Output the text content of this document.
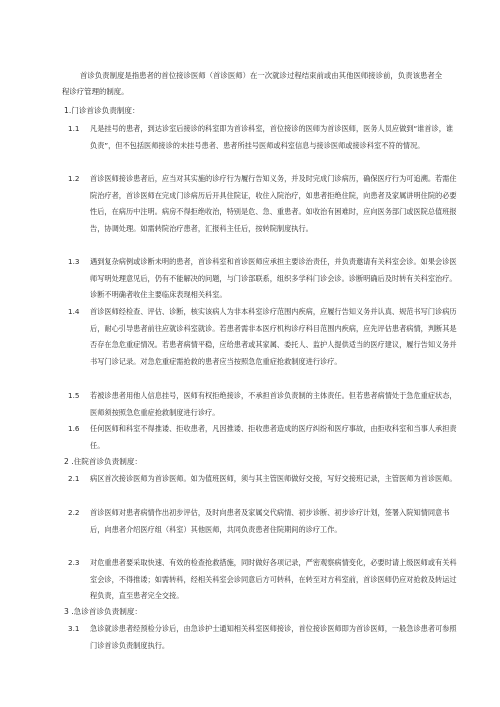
首诊负责制度是指患者的首位接诊医师（首诊医师）在一次就诊过程结束前或由其他医师接诊前，负责该患者全程诊疗管理的制度。
1.门诊首诊负责制度：
1.1	凡是挂号的患者，到达诊室后接诊的科室即为首诊科室，首位接诊的医师为首诊医师，医务人员应做到“谁首诊，谁负责”，但不包括医师接诊的未挂号患者、患者所挂号医师或科室信息与接诊医师或接诊科室不符的情况。
1.2	首诊医师接诊患者后，应当对其实施的诊疗行为履行告知义务，并及时完成门诊病历，确保医疗行为可追溯。若需住院治疗者，首诊医师在完成门诊病历后开具住院证，收住入院治疗，如患者拒绝住院，向患者及家属讲明住院的必要性后，在病历中注明。病房不得拒绝收治，特别是危、急、重患者。如收治有困难时，应向医务部门或医院总值班报告，协调处理。如需转院治疗患者，汇报科主任后，按转院制度执行。
1.3	遇到复杂病例或诊断未明的患者，首诊科室和首诊医师应承担主要诊治责任，并负责邀请有关科室会诊。如果会诊医师写明处理意见后，仍有不能解决的问题，与门诊部联系，组织多学科门诊会诊。诊断明确后及时转有关科室治疗。诊断不明确者收住主要临床表现相关科室。
1.4	首诊医师经检查、评估、诊断，核实该病人为非本科室诊疗范围内疾病，应履行告知义务并认真、规范书写门诊病历后，耐心引导患者前往应就诊科室就诊。若患者需非本医疗机构诊疗科目范围内疾病，应先评估患者病情，判断其是否存在急危重症情况。若患者病情平稳，应给患者或其家属、委托人、监护人提供适当的医疗建议，履行告知义务并书写门诊记录。对急危重症需抢救的患者应当按照急危重症抢救制度进行诊疗。
1.5	若被诊患者用他人信息挂号，医师有权拒绝接诊，不承担首诊负责制的主体责任。但若患者病情处于急危重症状态，医师须按照急危重症抢救制度进行诊疗。
1.6	任何医师和科室不得推诿、拒收患者，凡因推诿、拒收患者造成的医疗纠纷和医疗事故，由拒收科室和当事人承担责任。
2 .住院首诊负责制度：
2.1	病区首次接诊医师为首诊医师。如为值班医师，须与其主管医师做好交接，写好交接班记录，主管医师为首诊医师。
2.2	首诊医师对患者病情作出初步评估，及时向患者及家属交代病情、初步诊断、初步诊疗计划，签署入院知情同意书后，向患者介绍医疗组（科室）其他医师，共同负责患者住院期间的诊疗工作。
2.3	对危重患者要采取快速、有效的检查抢救措施，同时做好各项记录，严密观察病情变化，必要时请上级医师或有关科室会诊，不得推诿；如需转科，经相关科室会诊同意后方可转科，在转至对方科室前，首诊医师仍应对抢救及转运过程负责，直至患者完全交接。
3 .急诊首诊负责制度：
3.1	急诊就诊患者经预检分诊后，由急诊护士通知相关科室医师接诊，首位接诊医师即为首诊医师，一般急诊患者可参照门诊首诊负责制度执行。
